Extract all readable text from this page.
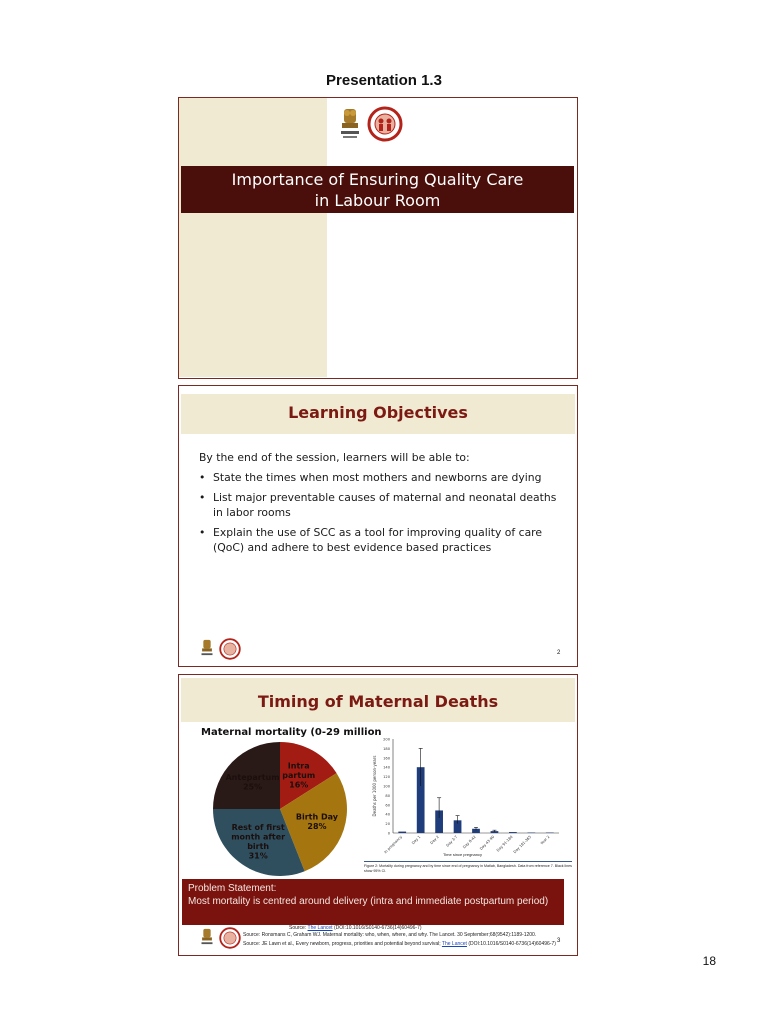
Presentation 1.3
Importance of Ensuring Quality Care
in Labour Room
Learning Objectives
By the end of the session, learners will be able to:
• State the times when most mothers and newborns are dying
• List major preventable causes of maternal and neonatal deaths in labor rooms
• Explain the use of SCC as a tool for improving quality of care (QoC) and adhere to best evidence based practices
2
Timing of Maternal Deaths
Maternal mortality (0-29 million
Intra partum 16%
Birth Day 28%
Rest of first month after birth 31%
Antepartum 25%
0
20
40
60
80
100
120
140
160
180
200
Deaths per 1000 person-years
In pregnancy Day 1 Day 2 Day 3-7 Day 8-42 Day 43-90 Day 91-180 Day 181-365 Year 2
Time since pregnancy
Figure 2: Mortality during pregnancy and by time since end of pregnancy in Matlab, Bangladesh. Data from reference 7. Black lines show 95% CI.
Problem Statement:
Most mortality is centred around delivery (intra and immediate postpartum period)
Source: The Lancet (DOI:10.1016/S0140-6736(14)60496-7)
Source: Ronsmans C, Graham WJ. Maternal mortality: who, when, where, and why. The Lancet. 30 September;68(9542):1189-1200.
Source: JE Lawn et al., Every newborn, progress, priorities and potential beyond survival; The Lancet (DOI:10.1016/S0140-6736(14)60496-7) 3
18
